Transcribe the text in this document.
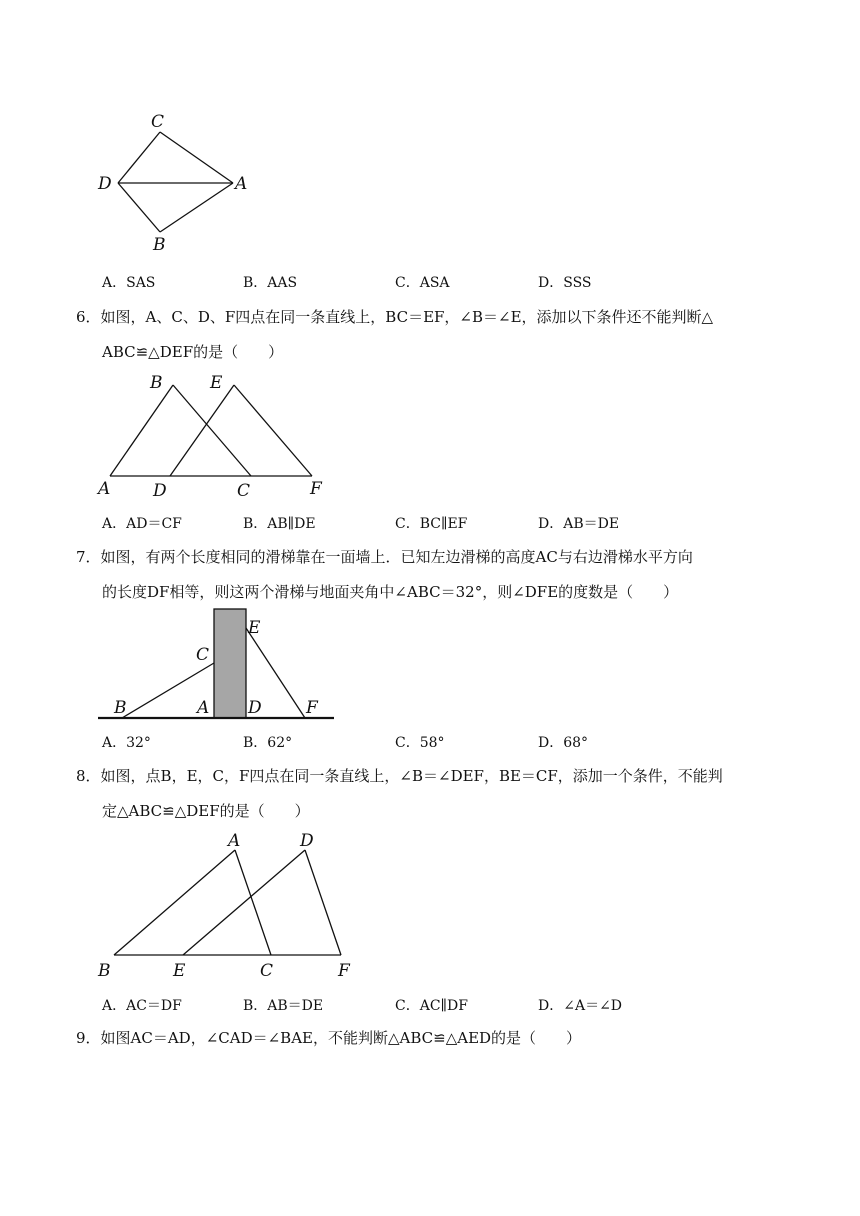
C
D	A
B
A．SAS	B．AAS	C．ASA	D．SSS
6．如图，A、C、D、F四点在同一条直线上，BC＝EF，∠B＝∠E，添加以下条件还不能判断△
ABC≌△DEF的是（　　）
B	E
A	D	C	F
A．AD＝CF	B．AB∥DE	C．BC∥EF	D．AB＝DE
7．如图，有两个长度相同的滑梯靠在一面墙上．已知左边滑梯的高度AC与右边滑梯水平方向
的长度DF相等，则这两个滑梯与地面夹角中∠ABC＝32°，则∠DFE的度数是（　　）
E
C
B	A D	F
A．32°	B．62°	C．58°	D．68°
8．如图，点B，E，C，F四点在同一条直线上，∠B＝∠DEF，BE＝CF，添加一个条件，不能判
定△ABC≌△DEF的是（　　）
A	D
B	E	C	F
A．AC＝DF	B．AB＝DE	C．AC∥DF	D．∠A＝∠D
9．如图AC＝AD，∠CAD＝∠BAE，不能判断△ABC≌△AED的是（　　）
